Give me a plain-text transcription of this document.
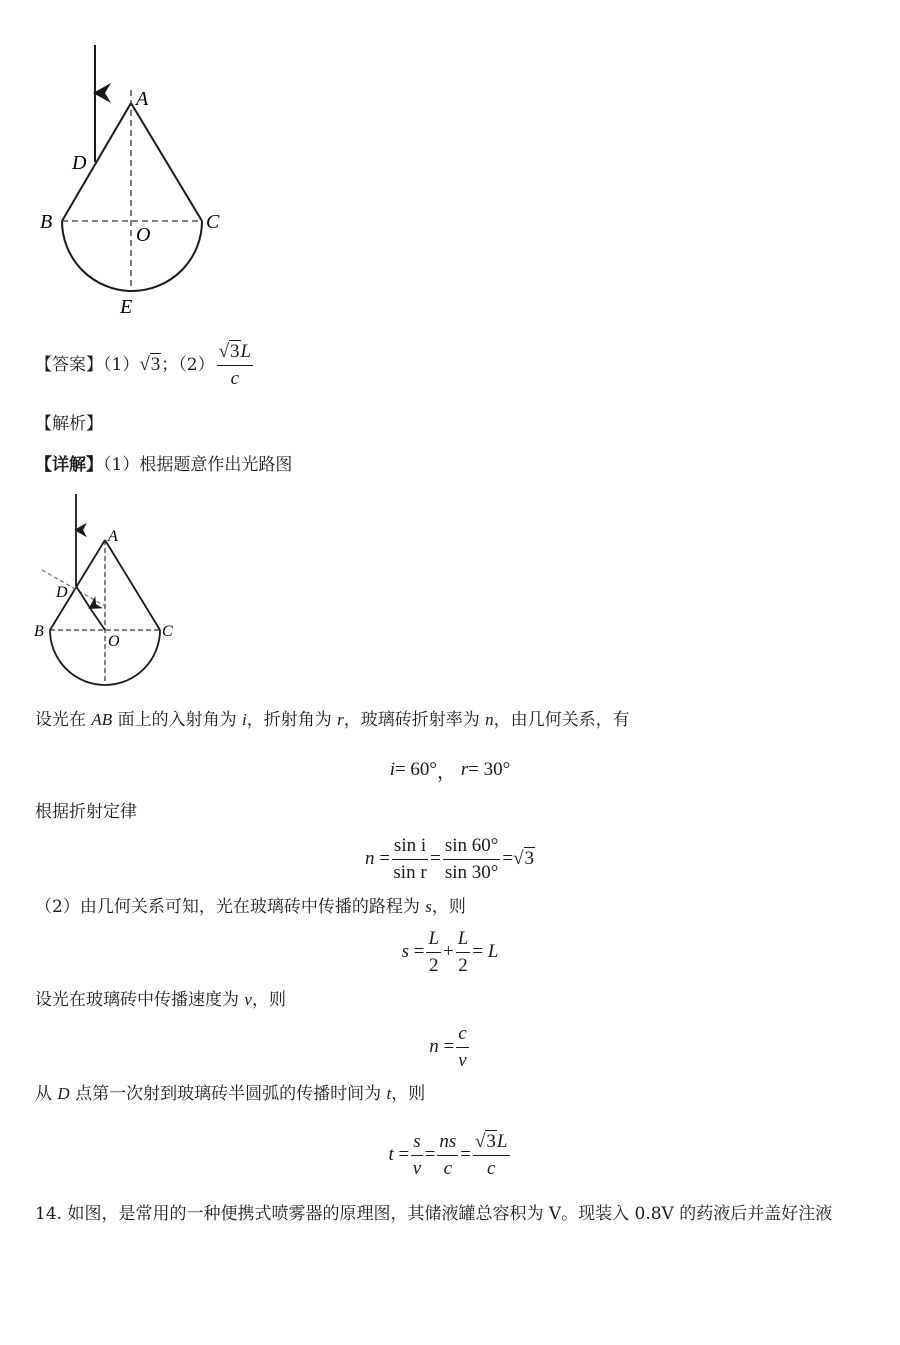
A
D
B	C
O
E
【答案】（1） √3 ；$(2) \frac{√3L}{c}$
【解析】
【详解】（1）根据题意作出光路图
A
D
B	C
O
设光在 AB 面上的入射角为 i，折射角为 r，玻璃砖折射率为 n，由几何关系，有
i = 60° ，
r = 30°
根据折射定律
$n = \frac{\text{sin i}}{\text{sin r}} = \frac{\sin 60^\circ}{\sin 30^\circ} = √3$
（2）由几何关系可知，光在玻璃砖中传播的路程为 s，则
$s = \frac{L}{2} + \frac{L}{2} = L$
设光在玻璃砖中传播速度为 v，则
$n = \frac{c}{v}$
从 D 点第一次射到玻璃砖半圆弧的传播时间为 t，则
$t = \frac{s}{v} = \frac{ns}{c} = \frac{√3L}{c}$
14. 如图，是常用的一种便携式喷雾器的原理图，其储液罐总容积为 V。现装入 0.8V 的药液后并盖好注液
